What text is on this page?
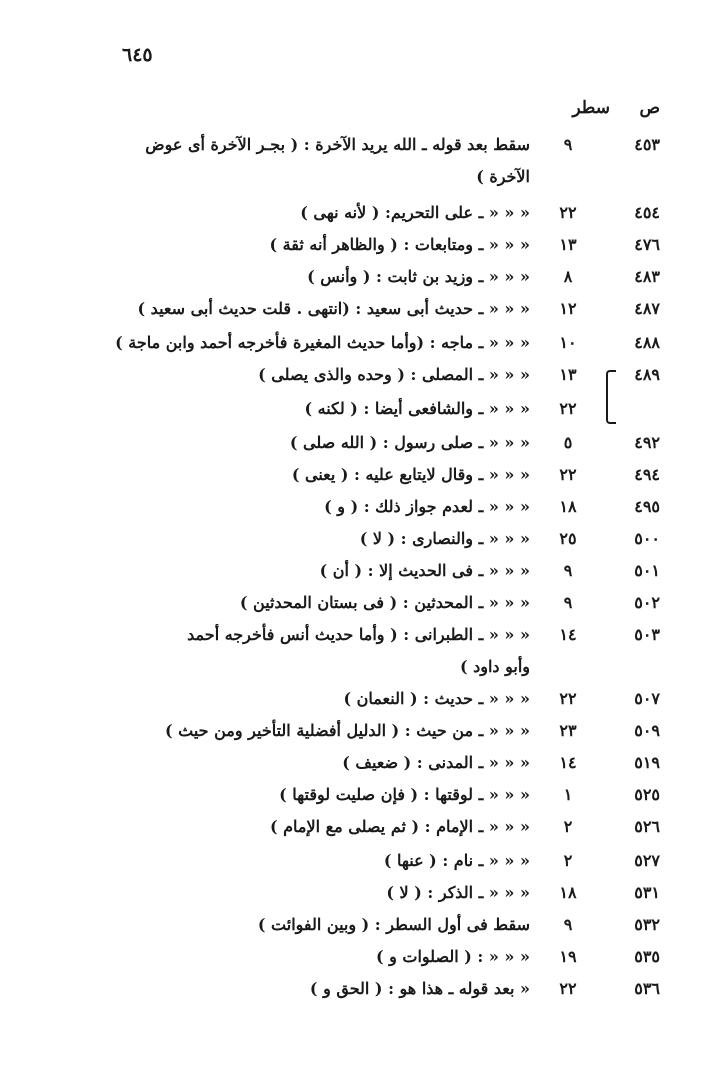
٦٤٥
سطر ص
٤٥٣
٩
سقط بعد قوله ـ الله يريد الآخرة : ( بجـر الآخرة أى عوض
الآخرة )
٤٥٤
٢٢
« « « ـ على التحريم: ( لأنه نهى )
٤٧٦
١٣
« « « ـ ومتابعات : ( والظاهر أنه ثقة )
٤٨٣
٨
« « « ـ وزيد بن ثابت : ( وأنس )
٤٨٧
١٢
« « « ـ حديث أبى سعيد : (انتهى . قلت حديث أبى سعيد )
٤٨٨
١٠
« « « ـ ماجه : (وأما حديث المغيرة فأخرجه أحمد وابن ماجة )
٤٨٩
١٣
« « « ـ المصلى : ( وحده والذى يصلى )
٢٢
« « « ـ والشافعى أيضا : ( لكنه )
٤٩٢
٥
« « « ـ صلى رسول : ( الله صلى )
٤٩٤
٢٢
« « « ـ وقال لايتابع عليه : ( يعنى )
٤٩٥
١٨
« « « ـ لعدم جواز ذلك : ( و )
٥٠٠
٢٥
« « « ـ والنصارى : ( لا )
٥٠١
٩
« « « ـ فى الحديث إلا : ( أن )
٥٠٢
٩
« « « ـ المحدثين : ( فى بستان المحدثين )
٥٠٣
١٤
« « « ـ الطبرانى : ( وأما حديث أنس فأخرجه أحمد
وأبو داود )
٥٠٧
٢٢
« « « ـ حديث : ( النعمان )
٥٠٩
٢٣
« « « ـ من حيث : ( الدليل أفضلية التأخير ومن حيث )
٥١٩
١٤
« « « ـ المدنى : ( ضعيف )
٥٢٥
١
« « « ـ لوقتها : ( فإن صليت لوقتها )
٥٢٦
٢
« « « ـ الإمام : ( ثم يصلى مع الإمام )
٥٢٧
٢
« « « ـ نام : ( عنها )
٥٣١
١٨
« « « ـ الذكر : ( لا )
٥٣٢
٩
سقط فى أول السطر : ( وبين الفوائت )
٥٣٥
١٩
« « « : ( الصلوات و )
٥٣٦
٢٢
« بعد قوله ـ هذا هو : ( الحق و )
